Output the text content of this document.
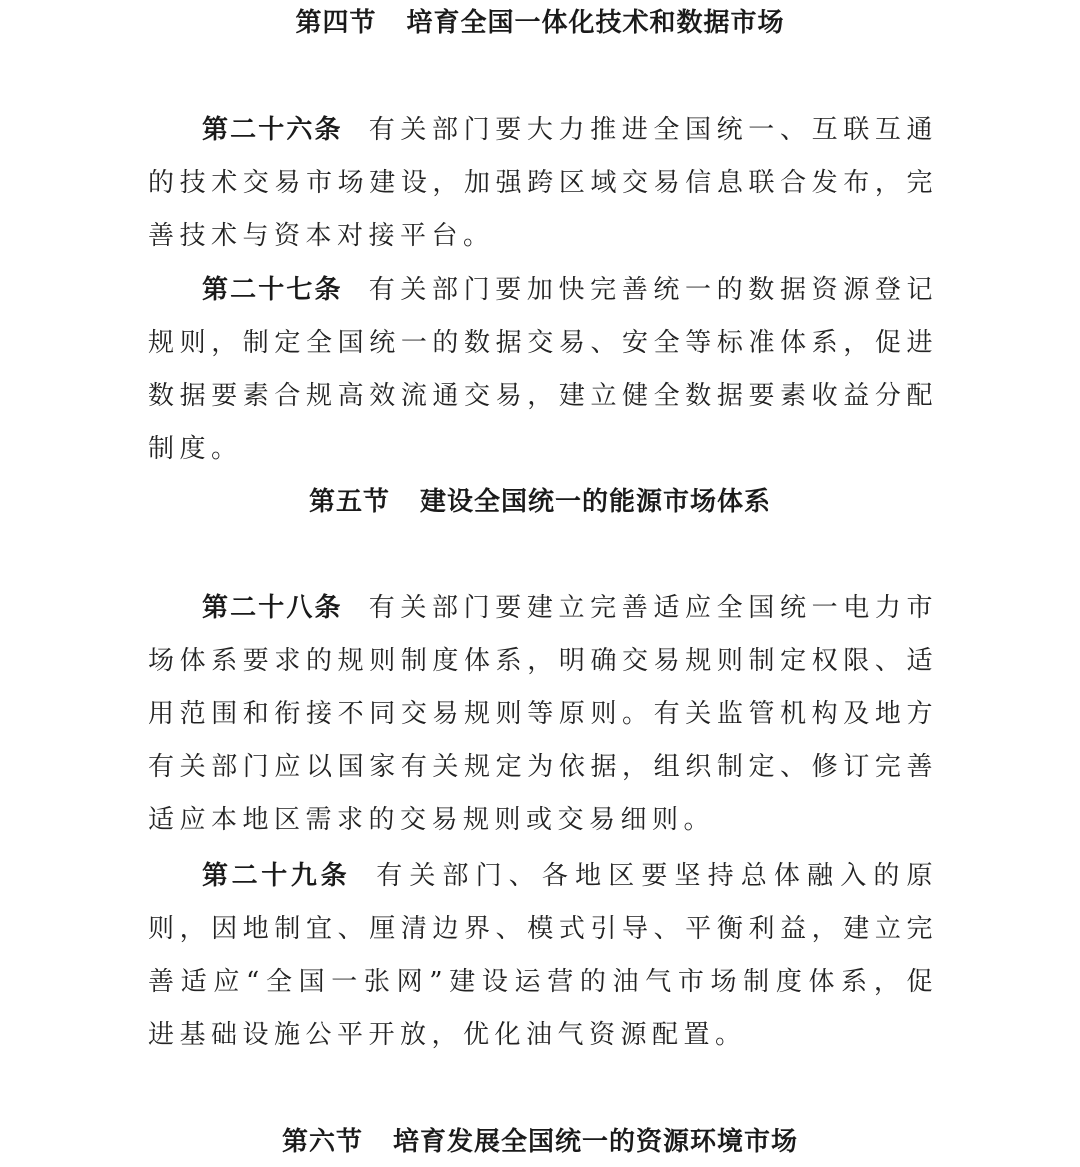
第四节 培育全国一体化技术和数据市场

第二十六条 有关部门要大力推进全国统一、互联互通的技术交易市场建设，加强跨区域交易信息联合发布，完善技术与资本对接平台。

第二十七条 有关部门要加快完善统一的数据资源登记规则，制定全国统一的数据交易、安全等标准体系，促进数据要素合规高效流通交易，建立健全数据要素收益分配制度。

第五节 建设全国统一的能源市场体系

第二十八条 有关部门要建立完善适应全国统一电力市场体系要求的规则制度体系，明确交易规则制定权限、适用范围和衔接不同交易规则等原则。有关监管机构及地方有关部门应以国家有关规定为依据，组织制定、修订完善适应本地区需求的交易规则或交易细则。

第二十九条 有关部门、各地区要坚持总体融入的原则，因地制宜、厘清边界、模式引导、平衡利益，建立完善适应“全国一张网”建设运营的油气市场制度体系，促进基础设施公平开放，优化油气资源配置。

第六节 培育发展全国统一的资源环境市场
